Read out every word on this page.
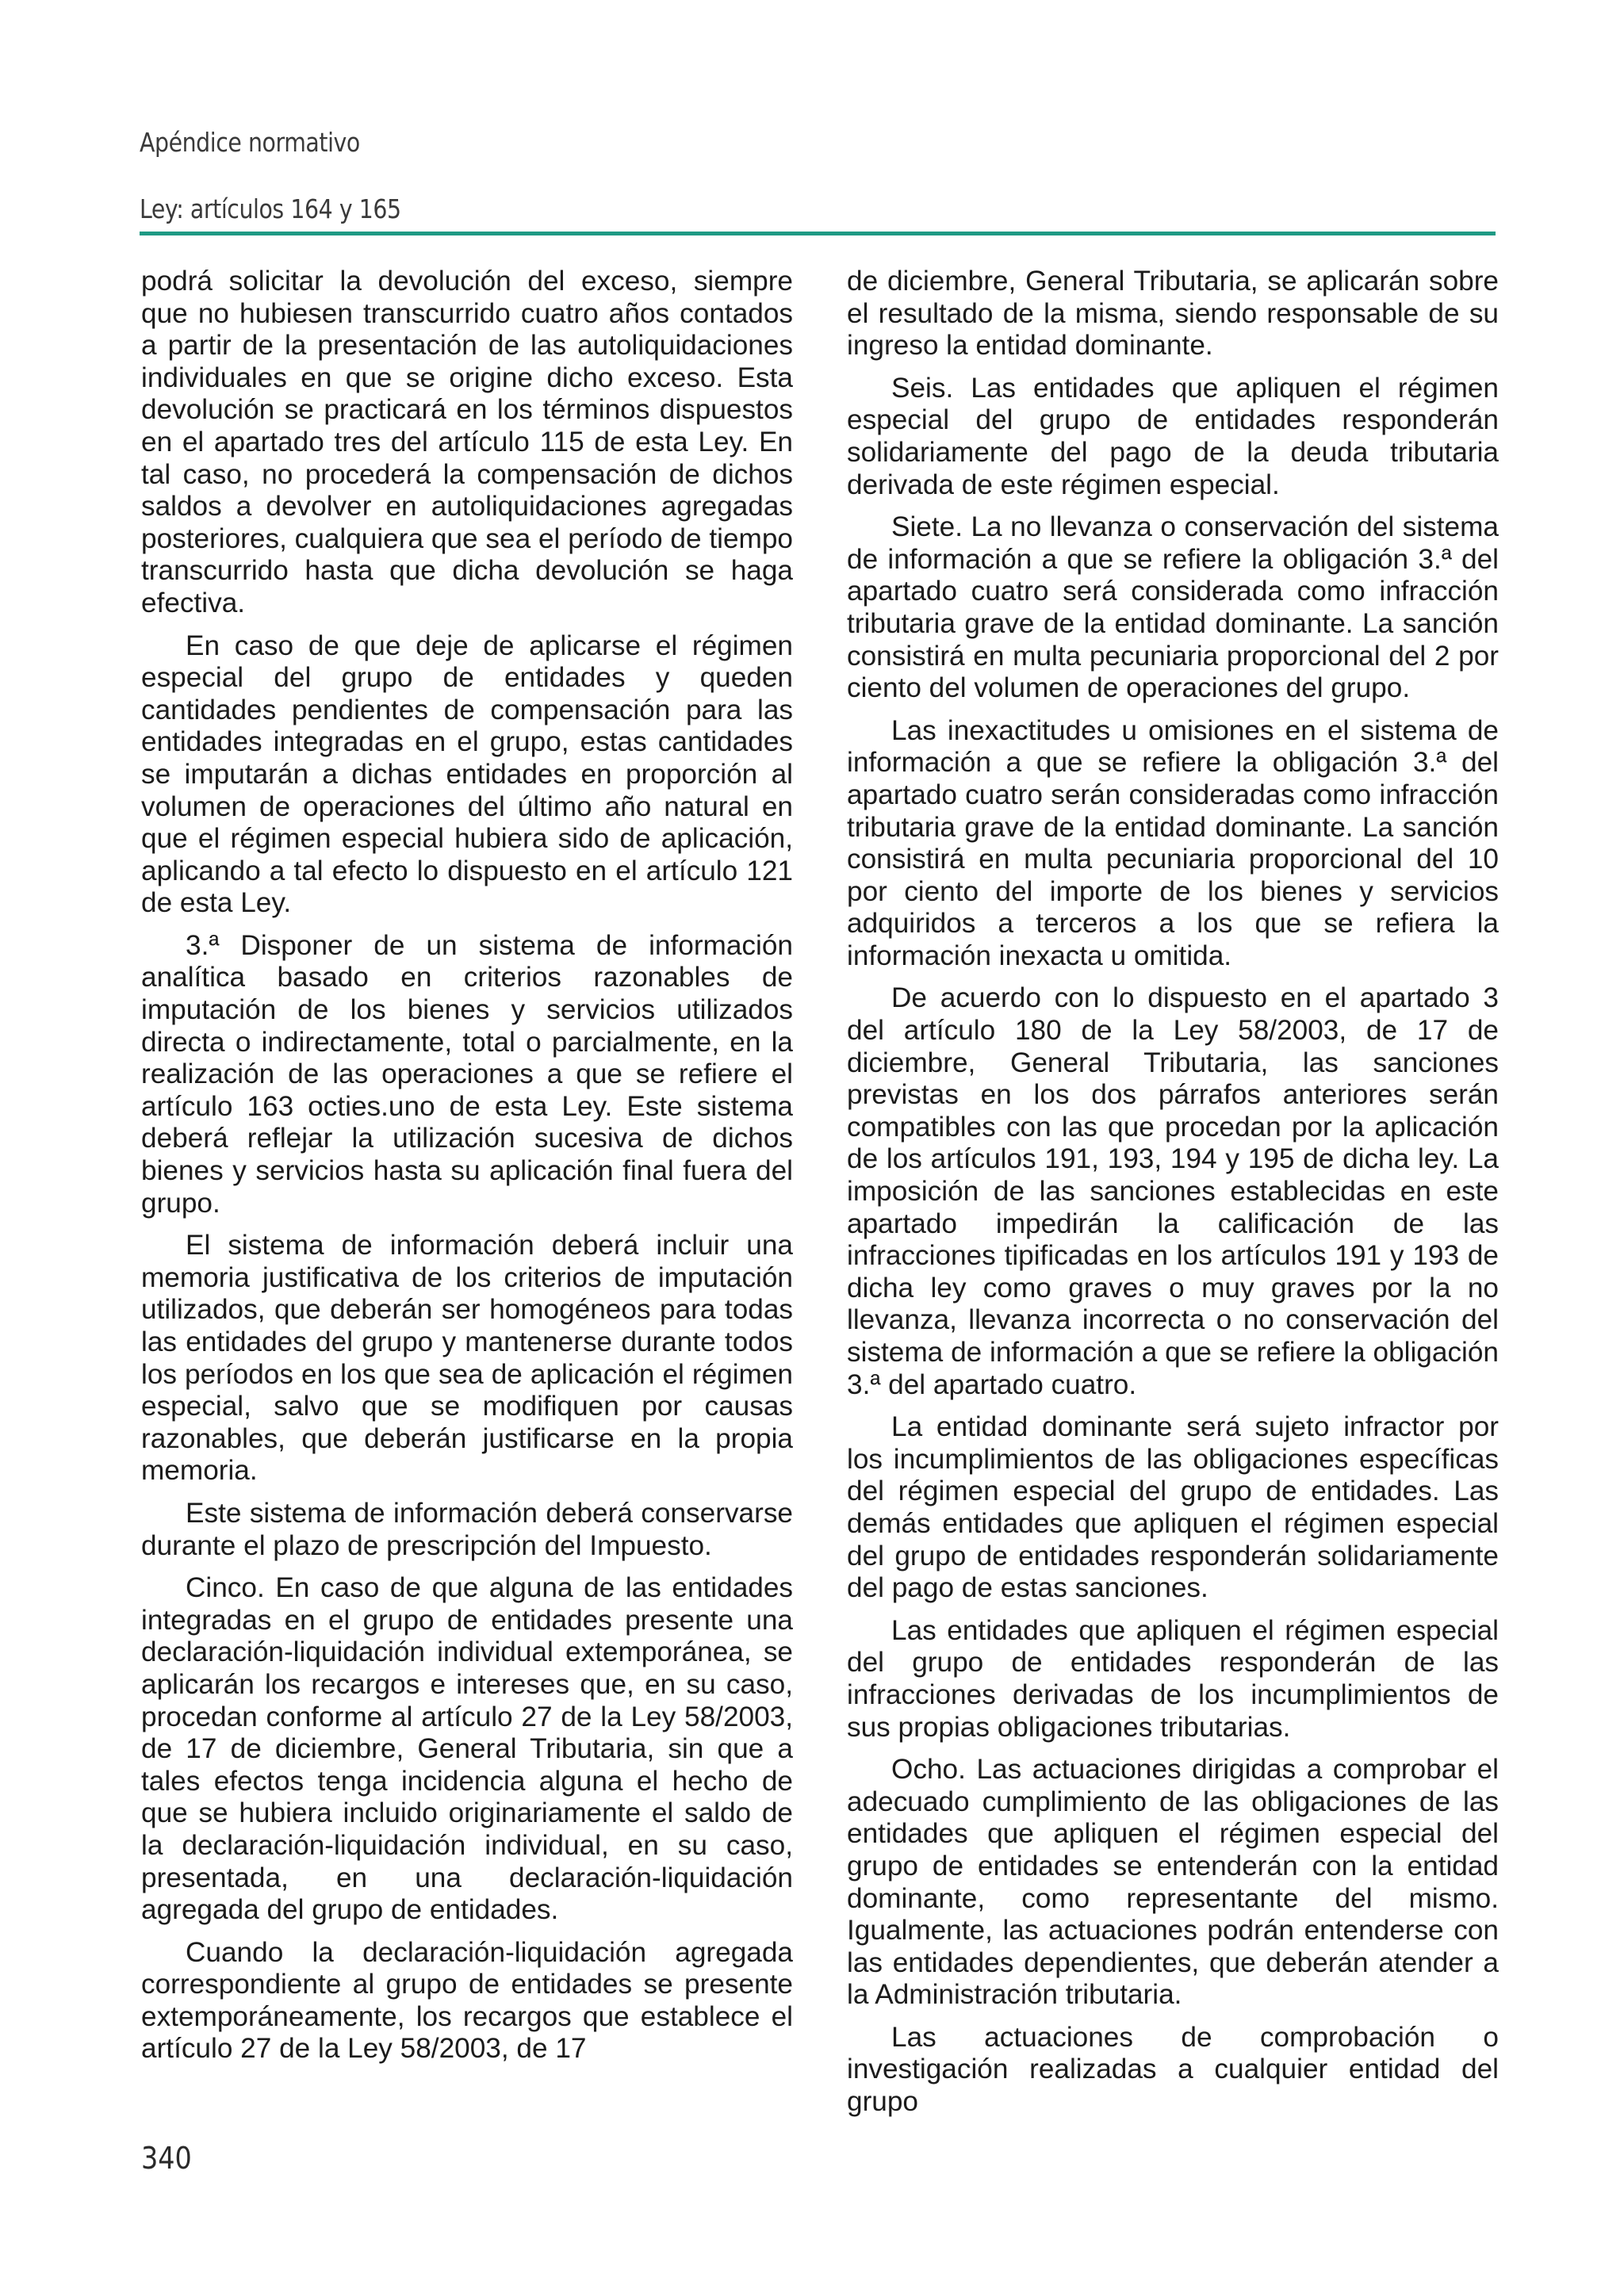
Apéndice normativo
Ley: artículos 164 y 165

podrá solicitar la devolución del exceso, siempre que no hubiesen transcurrido cuatro años contados a partir de la presentación de las autoliquidaciones individuales en que se origine dicho exceso. Esta devolución se practicará en los términos dispuestos en el apartado tres del artículo 115 de esta Ley. En tal caso, no procederá la compensación de dichos saldos a devolver en autoliquidaciones agregadas posteriores, cualquiera que sea el período de tiempo transcurrido hasta que dicha devolución se haga efectiva.

En caso de que deje de aplicarse el régimen especial del grupo de entidades y queden cantidades pendientes de compensación para las entidades integradas en el grupo, estas cantidades se imputarán a dichas entidades en proporción al volumen de operaciones del último año natural en que el régimen especial hubiera sido de aplicación, aplicando a tal efecto lo dispuesto en el artículo 121 de esta Ley.

3.ª Disponer de un sistema de información analítica basado en criterios razonables de imputación de los bienes y servicios utilizados directa o indirectamente, total o parcialmente, en la realización de las operaciones a que se refiere el artículo 163 octies.uno de esta Ley. Este sistema deberá reflejar la utilización sucesiva de dichos bienes y servicios hasta su aplicación final fuera del grupo.

El sistema de información deberá incluir una memoria justificativa de los criterios de imputación utilizados, que deberán ser homogéneos para todas las entidades del grupo y mantenerse durante todos los períodos en los que sea de aplicación el régimen especial, salvo que se modifiquen por causas razonables, que deberán justificarse en la propia memoria.

Este sistema de información deberá conservarse durante el plazo de prescripción del Impuesto.

Cinco. En caso de que alguna de las entidades integradas en el grupo de entidades presente una declaración-liquidación individual extemporánea, se aplicarán los recargos e intereses que, en su caso, procedan conforme al artículo 27 de la Ley 58/2003, de 17 de diciembre, General Tributaria, sin que a tales efectos tenga incidencia alguna el hecho de que se hubiera incluido originariamente el saldo de la declaración-liquidación individual, en su caso, presentada, en una declaración-liquidación agregada del grupo de entidades.

Cuando la declaración-liquidación agregada correspondiente al grupo de entidades se presente extemporáneamente, los recargos que establece el artículo 27 de la Ley 58/2003, de 17

de diciembre, General Tributaria, se aplicarán sobre el resultado de la misma, siendo responsable de su ingreso la entidad dominante.

Seis. Las entidades que apliquen el régimen especial del grupo de entidades responderán solidariamente del pago de la deuda tributaria derivada de este régimen especial.

Siete. La no llevanza o conservación del sistema de información a que se refiere la obligación 3.ª del apartado cuatro será considerada como infracción tributaria grave de la entidad dominante. La sanción consistirá en multa pecuniaria proporcional del 2 por ciento del volumen de operaciones del grupo.

Las inexactitudes u omisiones en el sistema de información a que se refiere la obligación 3.ª del apartado cuatro serán consideradas como infracción tributaria grave de la entidad dominante. La sanción consistirá en multa pecuniaria proporcional del 10 por ciento del importe de los bienes y servicios adquiridos a terceros a los que se refiera la información inexacta u omitida.

De acuerdo con lo dispuesto en el apartado 3 del artículo 180 de la Ley 58/2003, de 17 de diciembre, General Tributaria, las sanciones previstas en los dos párrafos anteriores serán compatibles con las que procedan por la aplicación de los artículos 191, 193, 194 y 195 de dicha ley. La imposición de las sanciones establecidas en este apartado impedirán la calificación de las infracciones tipificadas en los artículos 191 y 193 de dicha ley como graves o muy graves por la no llevanza, llevanza incorrecta o no conservación del sistema de información a que se refiere la obligación 3.ª del apartado cuatro.

La entidad dominante será sujeto infractor por los incumplimientos de las obligaciones específicas del régimen especial del grupo de entidades. Las demás entidades que apliquen el régimen especial del grupo de entidades responderán solidariamente del pago de estas sanciones.

Las entidades que apliquen el régimen especial del grupo de entidades responderán de las infracciones derivadas de los incumplimientos de sus propias obligaciones tributarias.

Ocho. Las actuaciones dirigidas a comprobar el adecuado cumplimiento de las obligaciones de las entidades que apliquen el régimen especial del grupo de entidades se entenderán con la entidad dominante, como representante del mismo. Igualmente, las actuaciones podrán entenderse con las entidades dependientes, que deberán atender a la Administración tributaria.

Las actuaciones de comprobación o investigación realizadas a cualquier entidad del grupo

340
